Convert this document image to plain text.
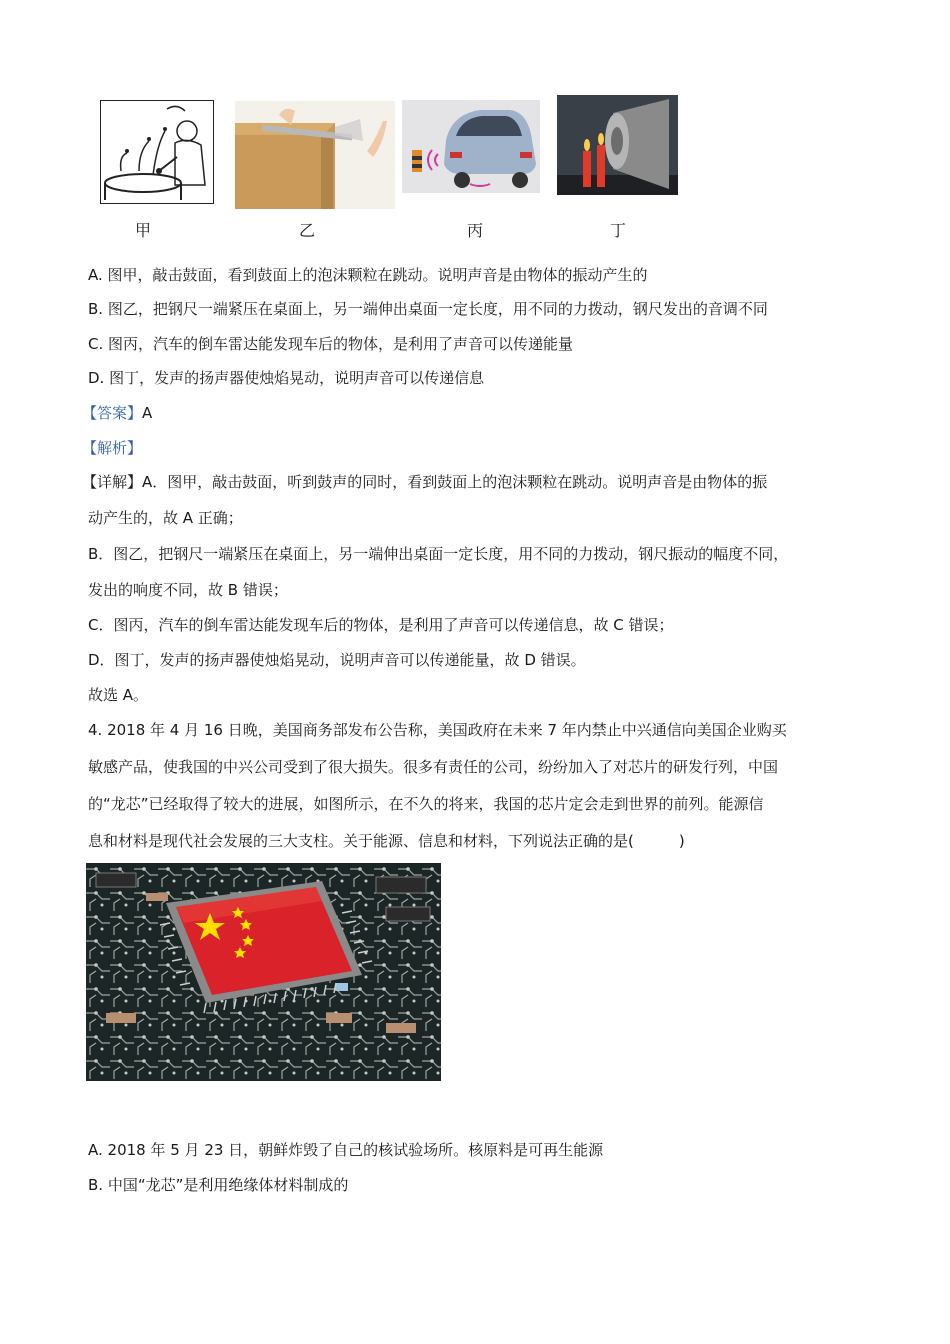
甲	乙	丙	丁
A. 图甲，敲击鼓面，看到鼓面上的泡沫颗粒在跳动。说明声音是由物体的振动产生的
B. 图乙，把钢尺一端紧压在桌面上，另一端伸出桌面一定长度，用不同的力拨动，钢尺发出的音调不同
C. 图丙，汽车的倒车雷达能发现车后的物体，是利用了声音可以传递能量
D. 图丁，发声的扬声器使烛焰晃动，说明声音可以传递信息
【答案】A
【解析】
【详解】A．图甲，敲击鼓面，听到鼓声的同时，看到鼓面上的泡沫颗粒在跳动。说明声音是由物体的振
动产生的，故 A 正确；
B．图乙，把钢尺一端紧压在桌面上，另一端伸出桌面一定长度，用不同的力拨动，钢尺振动的幅度不同，
发出的响度不同，故 B 错误；
C．图丙，汽车的倒车雷达能发现车后的物体，是利用了声音可以传递信息，故 C 错误；
D．图丁，发声的扬声器使烛焰晃动，说明声音可以传递能量，故 D 错误。
故选 A。
4. 2018 年 4 月 16 日晚，美国商务部发布公告称，美国政府在未来 7 年内禁止中兴通信向美国企业购买
敏感产品，使我国的中兴公司受到了很大损失。很多有责任的公司，纷纷加入了对芯片的研发行列，中国
的“龙芯”已经取得了较大的进展，如图所示，在不久的将来，我国的芯片定会走到世界的前列。能源信
息和材料是现代社会发展的三大支柱。关于能源、信息和材料，下列说法正确的是(　　　)
A. 2018 年 5 月 23 日，朝鲜炸毁了自己的核试验场所。核原料是可再生能源
B. 中国“龙芯”是利用绝缘体材料制成的
